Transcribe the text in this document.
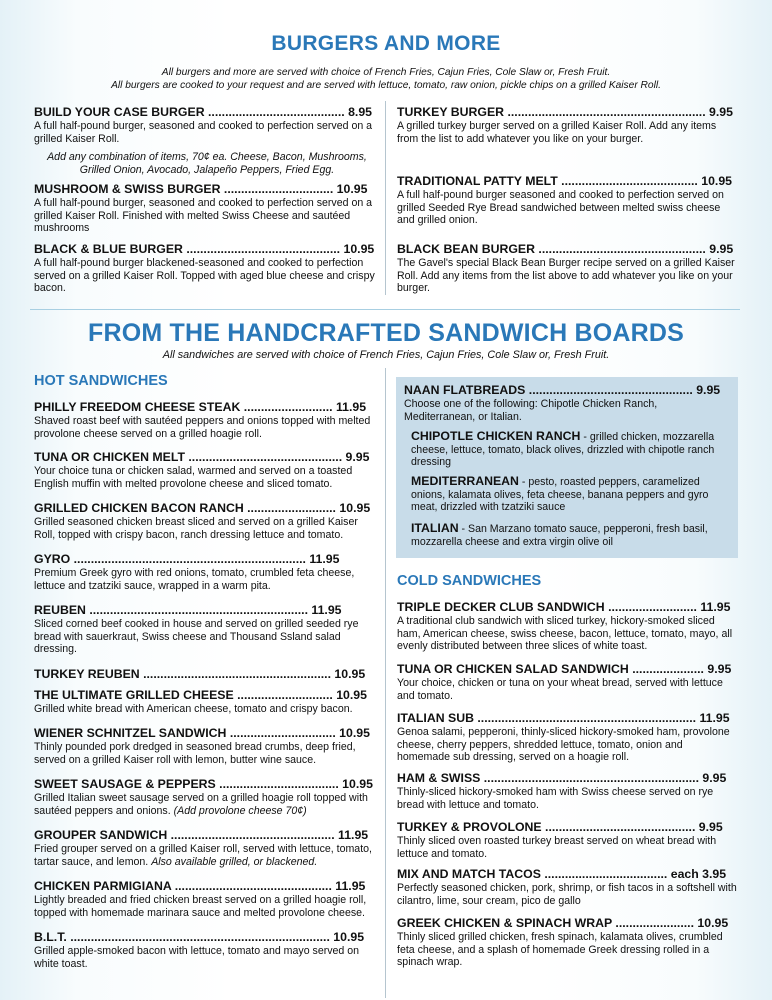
BURGERS AND MORE
All burgers and more are served with choice of French Fries, Cajun Fries, Cole Slaw or, Fresh Fruit.
All burgers are cooked to your request and are served with lettuce, tomato, raw onion, pickle chips on a grilled Kaiser Roll.
BUILD YOUR CASE BURGER ........................................ 8.95
A full half-pound burger, seasoned and cooked to perfection served on a grilled Kaiser Roll.
Add any combination of items, 70¢ ea. Cheese, Bacon, Mushrooms, Grilled Onion, Avocado, Jalapeño Peppers, Fried Egg.
MUSHROOM & SWISS BURGER ................................ 10.95
A full half-pound burger, seasoned and cooked to perfection served on a grilled Kaiser Roll. Finished with melted Swiss Cheese and sautéed mushrooms
BLACK & BLUE BURGER ............................................. 10.95
A full half-pound burger blackened-seasoned and cooked to perfection served on a grilled Kaiser Roll. Topped with aged blue cheese and crispy bacon.
TURKEY BURGER .......................................................... 9.95
A grilled turkey burger served on a grilled Kaiser Roll. Add any items from the list to add whatever you like on your burger.
TRADITIONAL PATTY MELT ........................................ 10.95
A full half-pound burger seasoned and cooked to perfection served on grilled Seeded Rye Bread sandwiched between melted swiss cheese and grilled onion.
BLACK BEAN BURGER ................................................. 9.95
The Gavel's special Black Bean Burger recipe served on a grilled Kaiser Roll. Add any items from the list above to add whatever you like on your burger.
FROM THE HANDCRAFTED SANDWICH BOARDS
All sandwiches are served with choice of French Fries, Cajun Fries, Cole Slaw or, Fresh Fruit.
HOT SANDWICHES
PHILLY FREEDOM CHEESE STEAK .......................... 11.95
Shaved roast beef with sautéed peppers and onions topped with melted provolone cheese served on a grilled hoagie roll.
TUNA OR CHICKEN MELT ............................................. 9.95
Your choice tuna or chicken salad, warmed and served on a toasted English muffin with melted provolone cheese and sliced tomato.
GRILLED CHICKEN BACON RANCH .......................... 10.95
Grilled seasoned chicken breast sliced and served on a grilled Kaiser Roll, topped with crispy bacon, ranch dressing lettuce and tomato.
GYRO .................................................................... 11.95
Premium Greek gyro with red onions, tomato, crumbled feta cheese, lettuce and tzatziki sauce, wrapped in a warm pita.
REUBEN ................................................................ 11.95
Sliced corned beef cooked in house and served on grilled seeded rye bread with sauerkraut, Swiss cheese and Thousand Ssland salad dressing.
TURKEY REUBEN ....................................................... 10.95
THE ULTIMATE GRILLED CHEESE ............................ 10.95
Grilled white bread with American cheese, tomato and crispy bacon.
WIENER SCHNITZEL SANDWICH ............................... 10.95
Thinly pounded pork dredged in seasoned bread crumbs, deep fried, served on a grilled Kaiser roll with lemon, butter wine sauce.
SWEET SAUSAGE & PEPPERS ................................... 10.95
Grilled Italian sweet sausage served on a grilled hoagie roll topped with sautéed peppers and onions. (Add provolone cheese 70¢)
GROUPER SANDWICH ................................................ 11.95
Fried grouper served on a grilled Kaiser roll, served with lettuce, tomato, tartar sauce, and lemon. Also available grilled, or blackened.
CHICKEN PARMIGIANA .............................................. 11.95
Lightly breaded and fried chicken breast served on a grilled hoagie roll, topped with homemade marinara sauce and melted provolone cheese.
B.L.T. ............................................................................ 10.95
Grilled apple-smoked bacon with lettuce, tomato and mayo served on white toast.
NAAN FLATBREADS ................................................ 9.95
Choose one of the following: Chipotle Chicken Ranch, Mediterranean, or Italian.
CHIPOTLE CHICKEN RANCH - grilled chicken, mozzarella cheese, lettuce, tomato, black olives, drizzled with chipotle ranch dressing
MEDITERRANEAN - pesto, roasted peppers, caramelized onions, kalamata olives, feta cheese, banana peppers and gyro meat, drizzled with tzatziki sauce
ITALIAN - San Marzano tomato sauce, pepperoni, fresh basil, mozzarella cheese and extra virgin olive oil
COLD SANDWICHES
TRIPLE DECKER CLUB SANDWICH .......................... 11.95
A traditional club sandwich with sliced turkey, hickory-smoked sliced ham, American cheese, swiss cheese, bacon, lettuce, tomato, mayo, all evenly distributed between three slices of white toast.
TUNA OR CHICKEN SALAD SANDWICH ..................... 9.95
Your choice, chicken or tuna on your wheat bread, served with lettuce and tomato.
ITALIAN SUB ................................................................ 11.95
Genoa salami, pepperoni, thinly-sliced hickory-smoked ham, provolone cheese, cherry peppers, shredded lettuce, tomato, onion and homemade sub dressing, served on a hoagie roll.
HAM & SWISS ............................................................... 9.95
Thinly-sliced hickory-smoked ham with Swiss cheese served on rye bread with lettuce and tomato.
TURKEY & PROVOLONE ............................................ 9.95
Thinly sliced oven roasted turkey breast served on wheat bread with lettuce and tomato.
MIX AND MATCH TACOS .................................... each 3.95
Perfectly seasoned chicken, pork, shrimp, or fish tacos in a softshell with cilantro, lime, sour cream, pico de gallo
GREEK CHICKEN & SPINACH WRAP ....................... 10.95
Thinly sliced grilled chicken, fresh spinach, kalamata olives, crumbled feta cheese, and a splash of homemade Greek dressing rolled in a spinach wrap.
